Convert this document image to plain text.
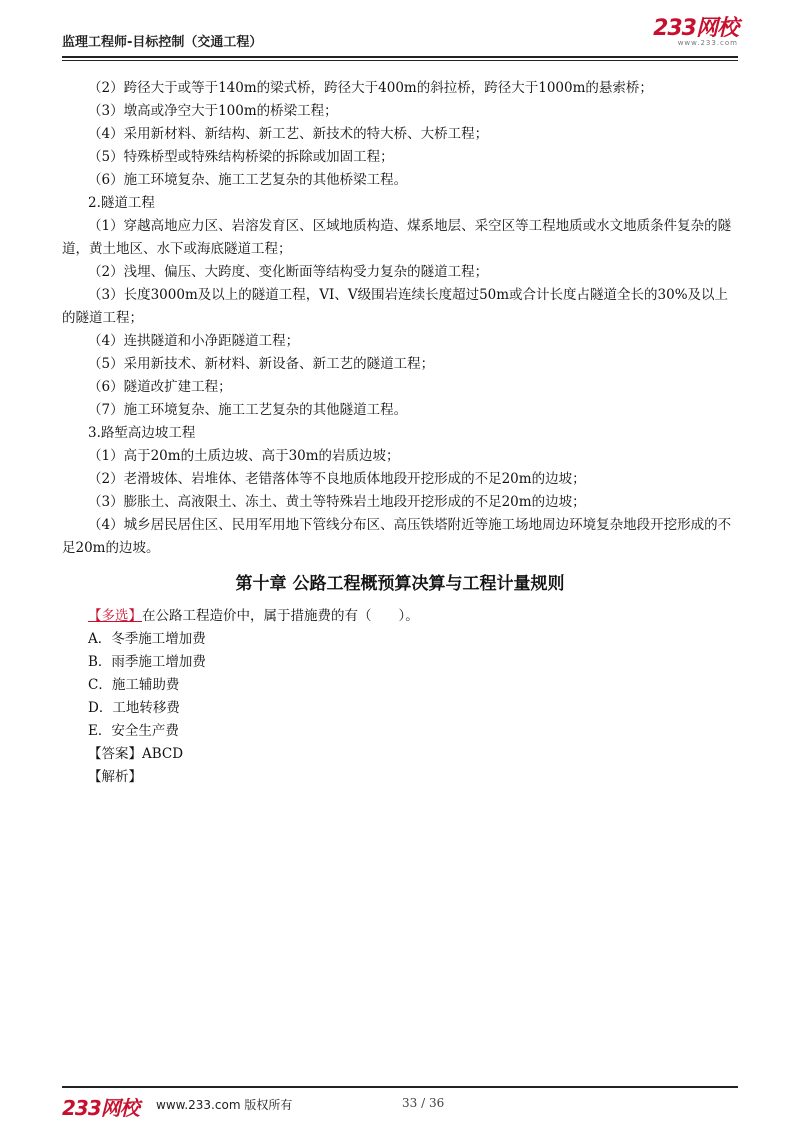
监理工程师-目标控制（交通工程）
233网校
www.233.com
（2）跨径大于或等于140m的梁式桥，跨径大于400m的斜拉桥，跨径大于1000m的悬索桥；
（3）墩高或净空大于100m的桥梁工程；
（4）采用新材料、新结构、新工艺、新技术的特大桥、大桥工程；
（5）特殊桥型或特殊结构桥梁的拆除或加固工程；
（6）施工环境复杂、施工工艺复杂的其他桥梁工程。
2.隧道工程
（1）穿越高地应力区、岩溶发育区、区域地质构造、煤系地层、采空区等工程地质或水文地质条件复杂的隧道，黄土地区、水下或海底隧道工程；
（2）浅埋、偏压、大跨度、变化断面等结构受力复杂的隧道工程；
（3）长度3000m及以上的隧道工程，VI、V级围岩连续长度超过50m或合计长度占隧道全长的30%及以上的隧道工程；
（4）连拱隧道和小净距隧道工程；
（5）采用新技术、新材料、新设备、新工艺的隧道工程；
（6）隧道改扩建工程；
（7）施工环境复杂、施工工艺复杂的其他隧道工程。
3.路堑高边坡工程
（1）高于20m的土质边坡、高于30m的岩质边坡；
（2）老滑坡体、岩堆体、老错落体等不良地质体地段开挖形成的不足20m的边坡；
（3）膨胀土、高液限土、冻土、黄土等特殊岩土地段开挖形成的不足20m的边坡；
（4）城乡居民居住区、民用军用地下管线分布区、高压铁塔附近等施工场地周边环境复杂地段开挖形成的不足20m的边坡。
第十章 公路工程概预算决算与工程计量规则
【多选】在公路工程造价中，属于措施费的有（　　）。
A．冬季施工增加费
B．雨季施工增加费
C．施工辅助费
D．工地转移费
E．安全生产费
【答案】ABCD
【解析】
233网校 www.233.com 版权所有	33 / 36
